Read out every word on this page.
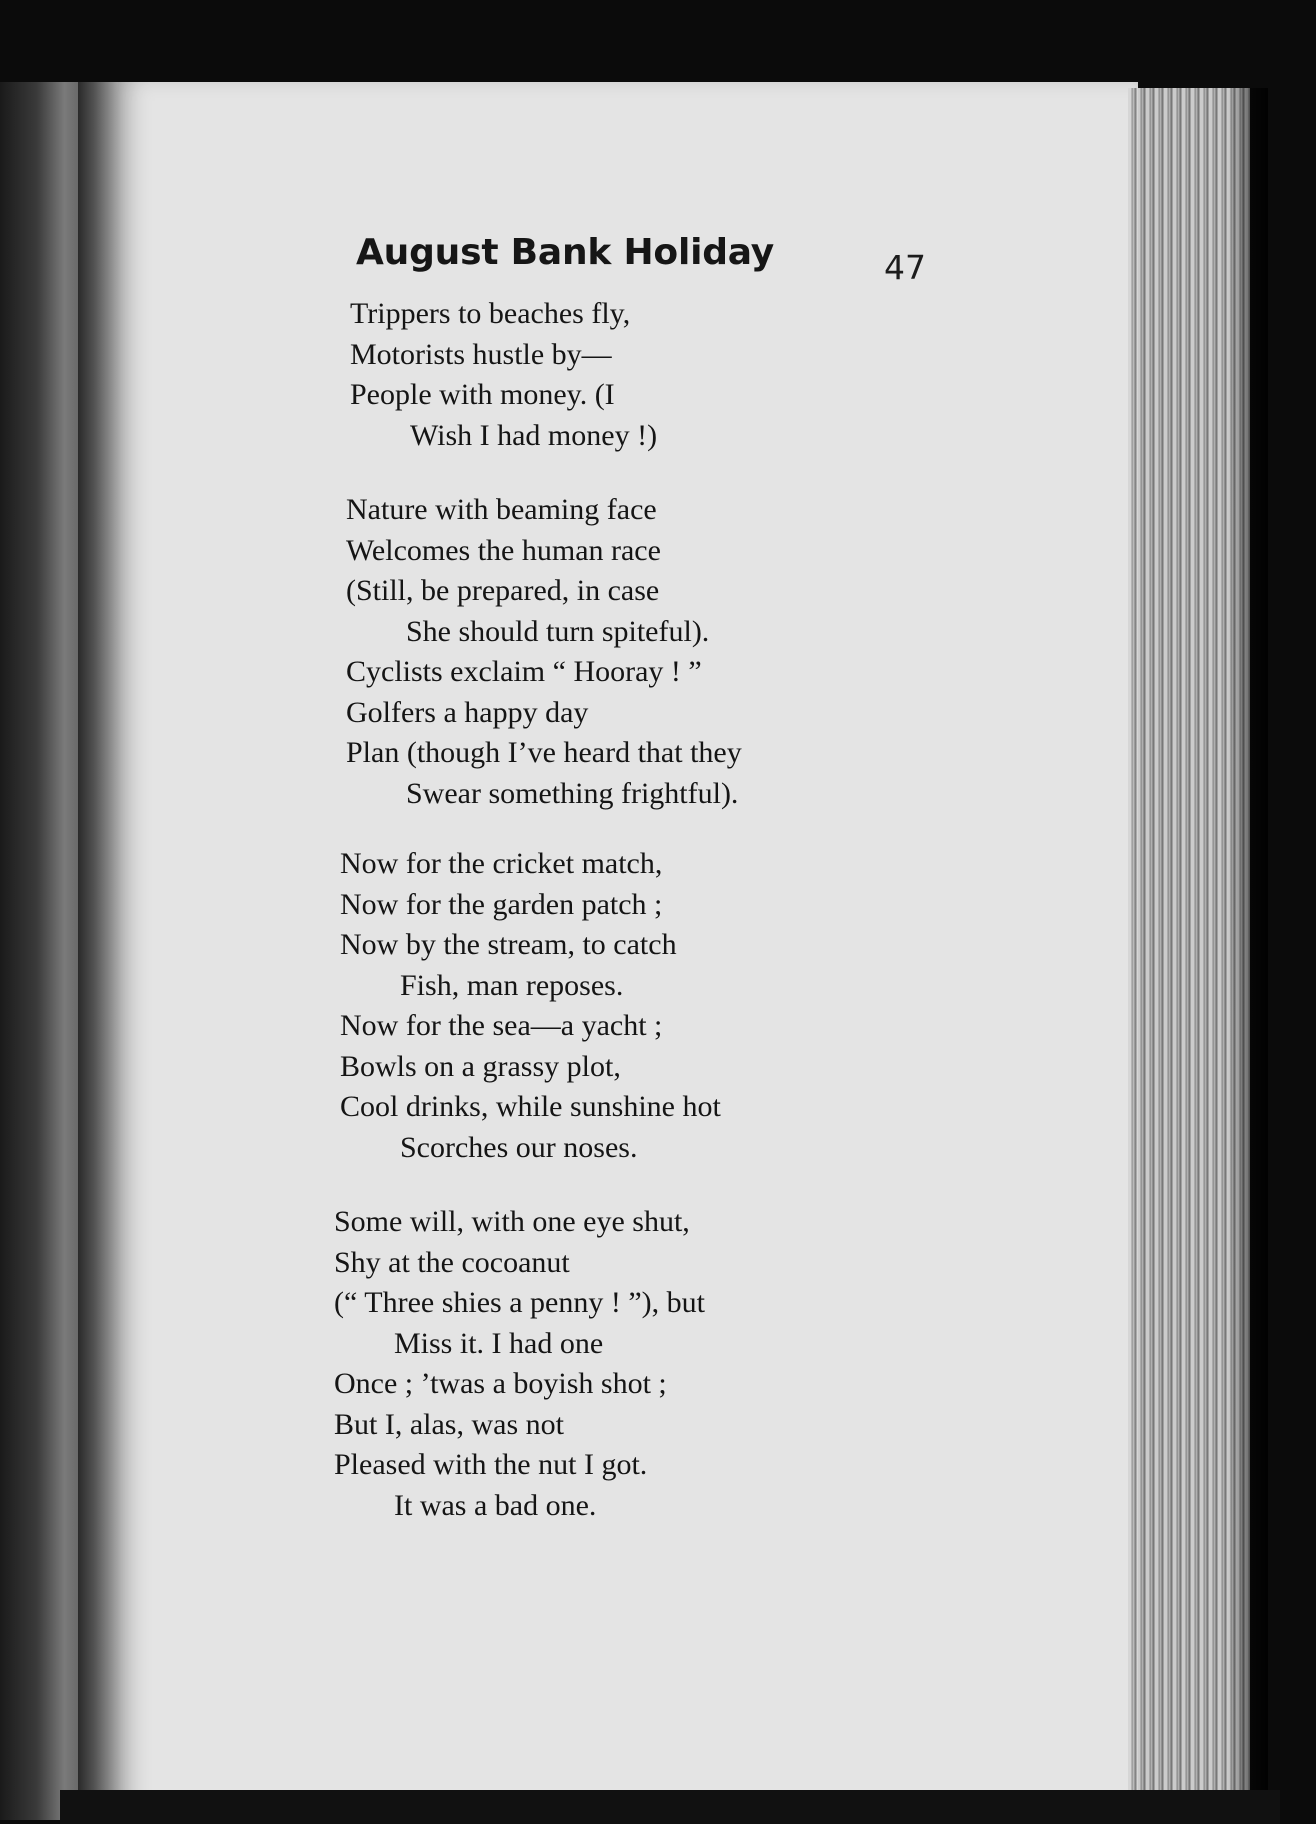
August Bank Holiday	47
Trippers to beaches fly,
Motorists hustle by—
People with money. (I
Wish I had money !)
Nature with beaming face
Welcomes the human race
(Still, be prepared, in case
She should turn spiteful).
Cyclists exclaim “ Hooray ! ”
Golfers a happy day
Plan (though I’ve heard that they
Swear something frightful).
Now for the cricket match,
Now for the garden patch ;
Now by the stream, to catch
Fish, man reposes.
Now for the sea—a yacht ;
Bowls on a grassy plot,
Cool drinks, while sunshine hot
Scorches our noses.
Some will, with one eye shut,
Shy at the cocoanut
(“ Three shies a penny ! ”), but
Miss it. I had one
Once ; ’twas a boyish shot ;
But I, alas, was not
Pleased with the nut I got.
It was a bad one.
